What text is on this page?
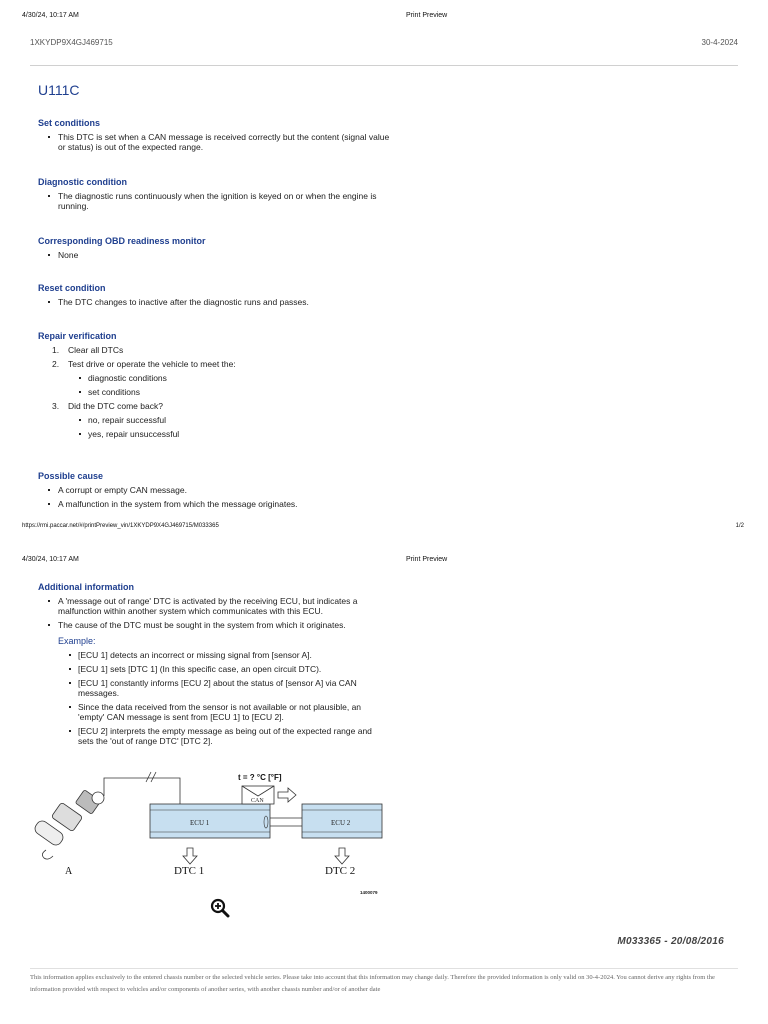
4/30/24, 10:17 AM	Print Preview
1XKYDP9X4GJ469715	30-4-2024
U111C
Set conditions
This DTC is set when a CAN message is received correctly but the content (signal value or status) is out of the expected range.
Diagnostic condition
The diagnostic runs continuously when the ignition is keyed on or when the engine is running.
Corresponding OBD readiness monitor
None
Reset condition
The DTC changes to inactive after the diagnostic runs and passes.
Repair verification
1. Clear all DTCs
2. Test drive or operate the vehicle to meet the:
diagnostic conditions
set conditions
3. Did the DTC come back?
no, repair successful
yes, repair unsuccessful
Possible cause
A corrupt or empty CAN message.
A malfunction in the system from which the message originates.
https://rmi.paccar.net/#/printPreview_vin/1XKYDP9X4GJ469715/M033365	1/2
4/30/24, 10:17 AM	Print Preview
Additional information
A 'message out of range' DTC is activated by the receiving ECU, but indicates a malfunction within another system which communicates with this ECU.
The cause of the DTC must be sought in the system from which it originates.
Example:
[ECU 1] detects an incorrect or missing signal from [sensor A].
[ECU 1] sets [DTC 1] (In this specific case, an open circuit DTC).
[ECU 1] constantly informs [ECU 2] about the status of [sensor A] via CAN messages.
Since the data received from the sensor is not available or not plausible, an 'empty' CAN message is sent from [ECU 1] to [ECU 2].
[ECU 2] interprets the empty message as being out of the expected range and sets the 'out of range DTC' [DTC 2].
ECU 1	ECU 2
t = ? °C [°F]
CAN
DTC 1	DTC 2
A
1400079
M033365 - 20/08/2016
This information applies exclusively to the entered chassis number or the selected vehicle series. Please take into account that this information may change daily. Therefore the provided information is only valid on 30-4-2024. You cannot derive any rights from the information provided with respect to vehicles and/or components of another series, with another chassis number and/or of another date
